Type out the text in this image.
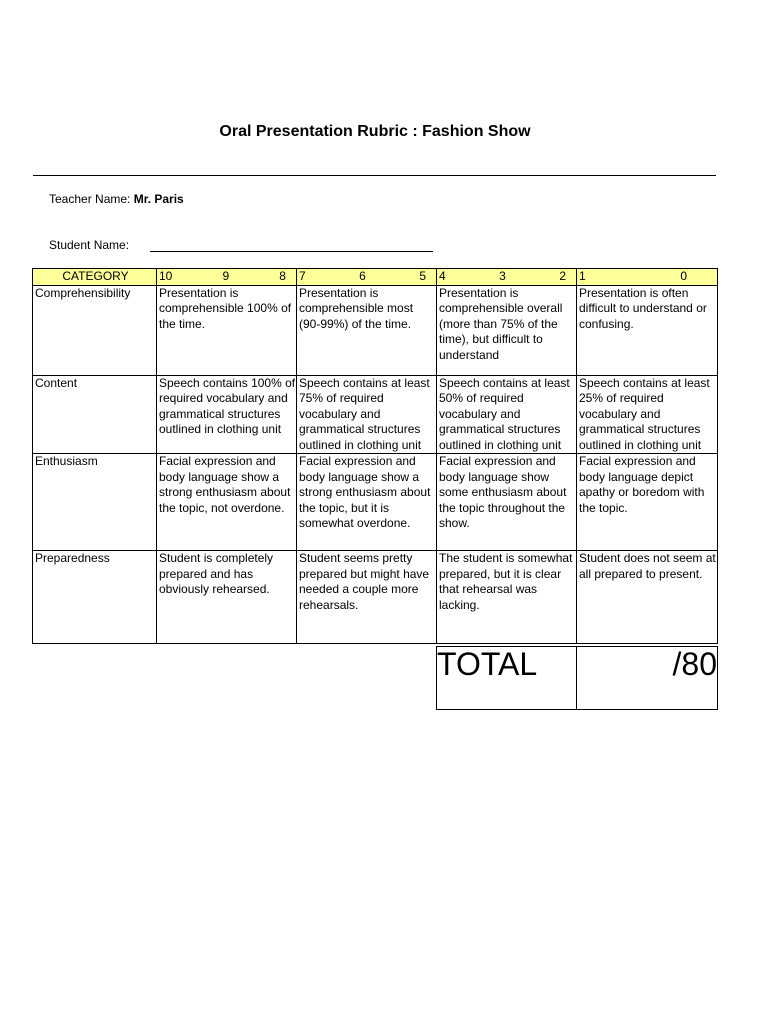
Oral Presentation Rubric : Fashion Show
Teacher Name: Mr. Paris
Student Name:
CATEGORY	10 9 8	7 6 5	4 3 2	1 0

Comprehensibility	Presentation is comprehensible 100% of the time.	Presentation is comprehensible most (90-99%) of the time.	Presentation is comprehensible overall (more than 75% of the time), but difficult to understand	Presentation is often difficult to understand or confusing.
Content	Speech contains 100% of required vocabulary and grammatical structures outlined in clothing unit	Speech contains at least 75% of required vocabulary and grammatical structures outlined in clothing unit	Speech contains at least 50% of required vocabulary and grammatical structures outlined in clothing unit	Speech contains at least 25% of required vocabulary and grammatical structures outlined in clothing unit
Enthusiasm	Facial expression and body language show a strong enthusiasm about the topic, not overdone.	Facial expression and body language show a strong enthusiasm about the topic, but it is somewhat overdone.	Facial expression and body language show some enthusiasm about the topic throughout the show.	Facial expression and body language depict apathy or boredom with the topic.
Preparedness	Student is completely prepared and has obviously rehearsed.	Student seems pretty prepared but might have needed a couple more rehearsals.	The student is somewhat prepared, but it is clear that rehearsal was lacking.	Student does not seem at all prepared to present.
TOTAL	/80
